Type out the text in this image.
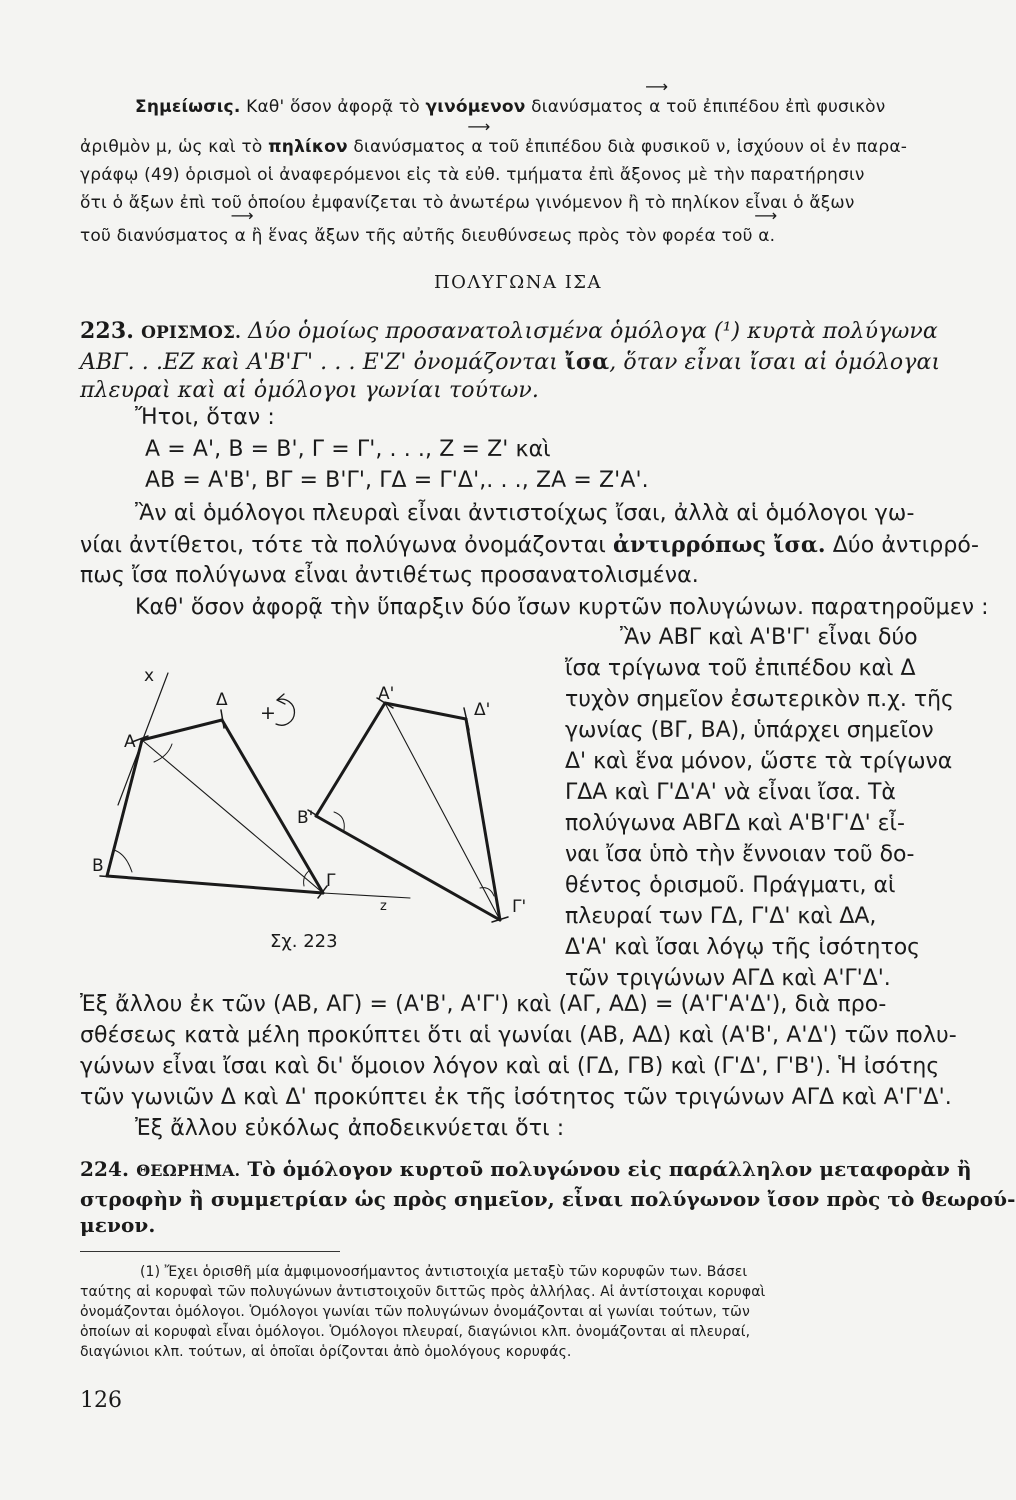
Σημείωσις. Καθ' ὅσον ἀφορᾷ τὸ γινόμενον διανύσματος ⟶ α τοῦ ἐπιπέδου ἐπὶ φυσικὸν
ἀριθμὸν μ, ὡς καὶ τὸ πηλίκον διανύσματος ⟶ α τοῦ ἐπιπέδου διὰ φυσικοῦ ν, ἰσχύουν οἱ ἐν παρα-
γράφῳ (49) ὁρισμοὶ οἱ ἀναφερόμενοι εἰς τὰ εὐθ. τμήματα ἐπὶ ἄξονος μὲ τὴν παρατήρησιν
ὅτι ὁ ἄξων ἐπὶ τοῦ ὁποίου ἐμφανίζεται τὸ ἀνωτέρω γινόμενον ἢ τὸ πηλίκον εἶναι ὁ ἄξων
τοῦ διανύσματος ⟶ α ἢ ἕνας ἄξων τῆς αὐτῆς διευθύνσεως πρὸς τὸν φορέα τοῦ ⟶ α.
ΠΟΛΥΓΩΝΑ ΙΣΑ
223. ΟΡΙΣΜΟΣ. Δύο ὁμοίως προσανατολισμένα ὁμόλογα (¹) κυρτὰ πολύγωνα
ΑΒΓ. . .ΕΖ καὶ Α'Β'Γ' . . . Ε'Ζ' ὀνομάζονται ἴσα, ὅταν εἶναι ἴσαι αἱ ὁμόλογαι
πλευραὶ καὶ αἱ ὁμόλογοι γωνίαι τούτων.
Ἤτοι, ὅταν :
Α = Α', Β = Β', Γ = Γ', . . ., Ζ = Ζ' καὶ
ΑΒ = Α'Β', ΒΓ = Β'Γ', ΓΔ = Γ'Δ',. . ., ΖΑ = Ζ'Α'.
Ἂν αἱ ὁμόλογοι πλευραὶ εἶναι ἀντιστοίχως ἴσαι, ἀλλὰ αἱ ὁμόλογοι γω-
νίαι ἀντίθετοι, τότε τὰ πολύγωνα ὀνομάζονται ἀντιρρόπως ἴσα. Δύο ἀντιρρό-
πως ἴσα πολύγωνα εἶναι ἀντιθέτως προσανατολισμένα.
Καθ' ὅσον ἀφορᾷ τὴν ὕπαρξιν δύο ἴσων κυρτῶν πολυγώνων. παρατηροῦμεν :
Ἂν ΑΒΓ καὶ Α'Β'Γ' εἶναι δύο
ἴσα τρίγωνα τοῦ ἐπιπέδου καὶ Δ
τυχὸν σημεῖον ἐσωτερικὸν π.χ. τῆς
γωνίας (ΒΓ, ΒΑ), ὑπάρχει σημεῖον
Δ' καὶ ἕνα μόνον, ὥστε τὰ τρίγωνα
ΓΔΑ καὶ Γ'Δ'Α' νὰ εἶναι ἴσα. Τὰ
πολύγωνα ΑΒΓΔ καὶ Α'Β'Γ'Δ' εἶ-
ναι ἴσα ὑπὸ τὴν ἔννοιαν τοῦ δο-
θέντος ὁρισμοῦ. Πράγματι, αἱ
πλευραί των ΓΔ, Γ'Δ' καὶ ΔΑ,
Δ'Α' καὶ ἴσαι λόγῳ τῆς ἰσότητος
τῶν τριγώνων ΑΓΔ καὶ Α'Γ'Δ'.
x
Α
Δ
Β
Γ
z
Α'
Δ'
Β'
Γ'
+
Σχ. 223
Ἐξ ἄλλου ἐκ τῶν (ΑΒ, ΑΓ) = (Α'Β', Α'Γ') καὶ (ΑΓ, ΑΔ) = (Α'Γ'Α'Δ'), διὰ προ-
σθέσεως κατὰ μέλη προκύπτει ὅτι αἱ γωνίαι (ΑΒ, ΑΔ) καὶ (Α'Β', Α'Δ') τῶν πολυ-
γώνων εἶναι ἴσαι καὶ δι' ὅμοιον λόγον καὶ αἱ (ΓΔ, ΓΒ) καὶ (Γ'Δ', Γ'Β'). Ἡ ἰσότης
τῶν γωνιῶν Δ καὶ Δ' προκύπτει ἐκ τῆς ἰσότητος τῶν τριγώνων ΑΓΔ καὶ Α'Γ'Δ'.
Ἐξ ἄλλου εὐκόλως ἀποδεικνύεται ὅτι :
224. ΘΕΩΡΗΜΑ. Τὸ ὁμόλογον κυρτοῦ πολυγώνου εἰς παράλληλον μεταφορὰν ἢ
στροφὴν ἢ συμμετρίαν ὡς πρὸς σημεῖον, εἶναι πολύγωνον ἴσον πρὸς τὸ θεωρού-
μενον.
(1) Ἔχει ὁρισθῆ μία ἀμφιμονοσήμαντος ἀντιστοιχία μεταξὺ τῶν κορυφῶν των. Βάσει
ταύτης αἱ κορυφαὶ τῶν πολυγώνων ἀντιστοιχοῦν διττῶς πρὸς ἀλλήλας. Αἱ ἀντίστοιχαι κορυφαὶ
ὀνομάζονται ὁμόλογοι. Ὁμόλογοι γωνίαι τῶν πολυγώνων ὀνομάζονται αἱ γωνίαι τούτων, τῶν
ὁποίων αἱ κορυφαὶ εἶναι ὁμόλογοι. Ὁμόλογοι πλευραί, διαγώνιοι κλπ. ὀνομάζονται αἱ πλευραί,
διαγώνιοι κλπ. τούτων, αἱ ὁποῖαι ὁρίζονται ἀπὸ ὁμολόγους κορυφάς.
126
